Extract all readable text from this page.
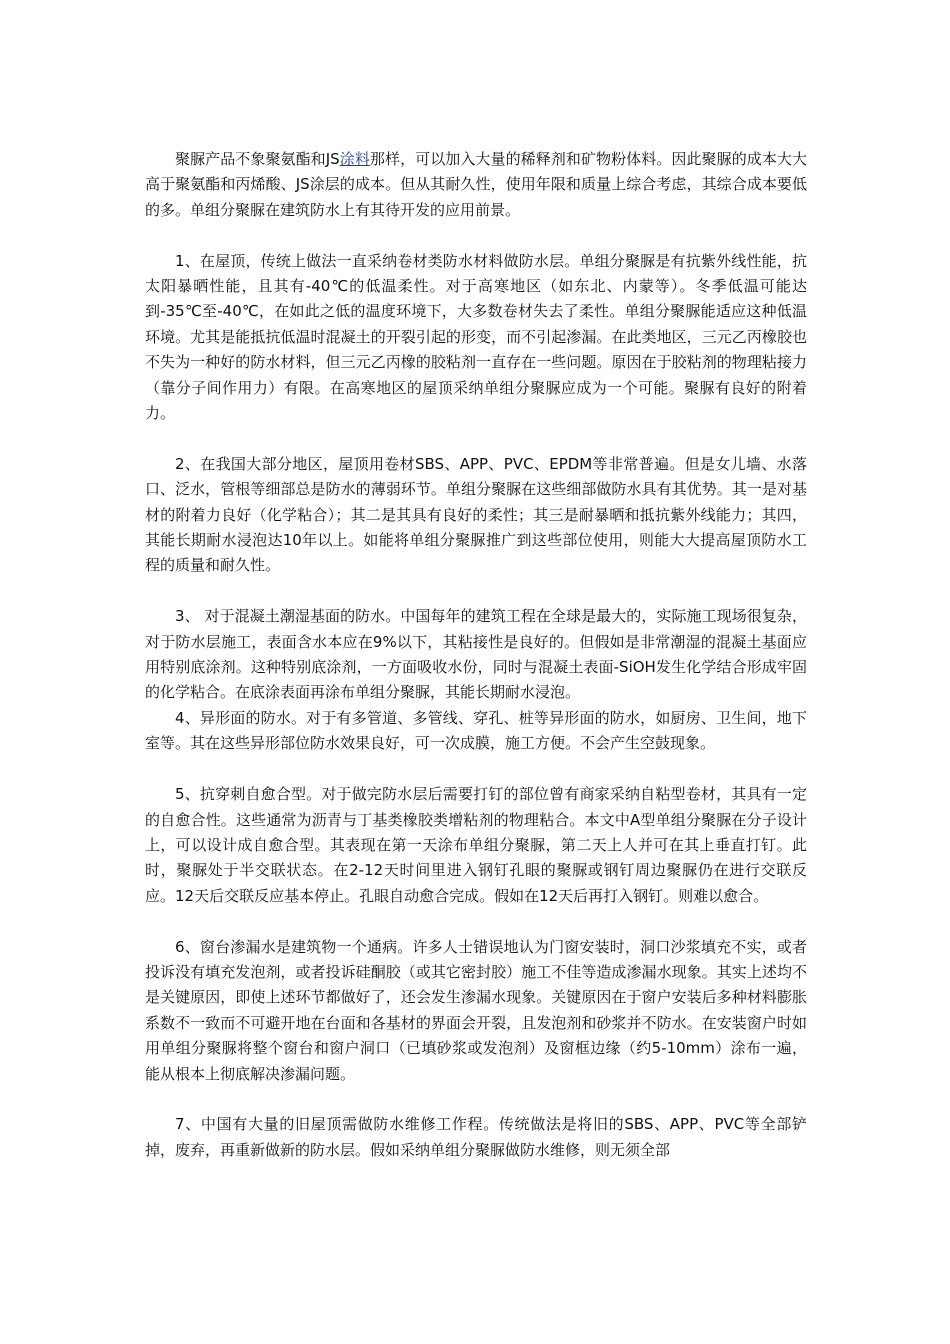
聚脲产品不象聚氨酯和JS涂料那样，可以加入大量的稀释剂和矿物粉体料。因此聚脲的成本大大高于聚氨酯和丙烯酸、JS涂层的成本。但从其耐久性，使用年限和质量上综合考虑，其综合成本要低的多。单组分聚脲在建筑防水上有其待开发的应用前景。

1、在屋顶，传统上做法一直采纳卷材类防水材料做防水层。单组分聚脲是有抗紫外线性能，抗太阳暴晒性能，且其有-40℃的低温柔性。对于高寒地区（如东北、内蒙等）。冬季低温可能达到-35℃至-40℃，在如此之低的温度环境下，大多数卷材失去了柔性。单组分聚脲能适应这种低温环境。尤其是能抵抗低温时混凝土的开裂引起的形变，而不引起渗漏。在此类地区，三元乙丙橡胶也不失为一种好的防水材料，但三元乙丙橡的胶粘剂一直存在一些问题。原因在于胶粘剂的物理粘接力（靠分子间作用力）有限。在高寒地区的屋顶采纳单组分聚脲应成为一个可能。聚脲有良好的附着力。

2、在我国大部分地区，屋顶用卷材SBS、APP、PVC、EPDM等非常普遍。但是女儿墙、水落口、泛水，管根等细部总是防水的薄弱环节。单组分聚脲在这些细部做防水具有其优势。其一是对基材的附着力良好（化学粘合）；其二是其具有良好的柔性；其三是耐暴晒和抵抗紫外线能力；其四，其能长期耐水浸泡达10年以上。如能将单组分聚脲推广到这些部位使用，则能大大提高屋顶防水工程的质量和耐久性。

3、 对于混凝土潮湿基面的防水。中国每年的建筑工程在全球是最大的，实际施工现场很复杂，对于防水层施工，表面含水本应在9%以下，其粘接性是良好的。但假如是非常潮湿的混凝土基面应用特别底涂剂。这种特别底涂剂，一方面吸收水份，同时与混凝土表面-SiOH发生化学结合形成牢固的化学粘合。在底涂表面再涂布单组分聚脲，其能长期耐水浸泡。

4、异形面的防水。对于有多管道、多管线、穿孔、桩等异形面的防水，如厨房、卫生间，地下室等。其在这些异形部位防水效果良好，可一次成膜，施工方便。不会产生空鼓现象。

5、抗穿刺自愈合型。对于做完防水层后需要打钉的部位曾有商家采纳自粘型卷材，其具有一定的自愈合性。这些通常为沥青与丁基类橡胶类增粘剂的物理粘合。本文中A型单组分聚脲在分子设计上，可以设计成自愈合型。其表现在第一天涂布单组分聚脲，第二天上人并可在其上垂直打钉。此时，聚脲处于半交联状态。在2-12天时间里进入钢钉孔眼的聚脲或钢钉周边聚脲仍在进行交联反应。12天后交联反应基本停止。孔眼自动愈合完成。假如在12天后再打入钢钉。则难以愈合。

6、窗台渗漏水是建筑物一个通病。许多人士错误地认为门窗安装时，洞口沙浆填充不实，或者投诉没有填充发泡剂，或者投诉硅酮胶（或其它密封胶）施工不佳等造成渗漏水现象。其实上述均不是关键原因，即使上述环节都做好了，还会发生渗漏水现象。关键原因在于窗户安装后多种材料膨胀系数不一致而不可避开地在台面和各基材的界面会开裂，且发泡剂和砂浆并不防水。在安装窗户时如用单组分聚脲将整个窗台和窗户洞口（已填砂浆或发泡剂）及窗框边缘（约5-10mm）涂布一遍，能从根本上彻底解决渗漏问题。

7、中国有大量的旧屋顶需做防水维修工作程。传统做法是将旧的SBS、APP、PVC等全部铲掉，废弃，再重新做新的防水层。假如采纳单组分聚脲做防水维修，则无须全部
